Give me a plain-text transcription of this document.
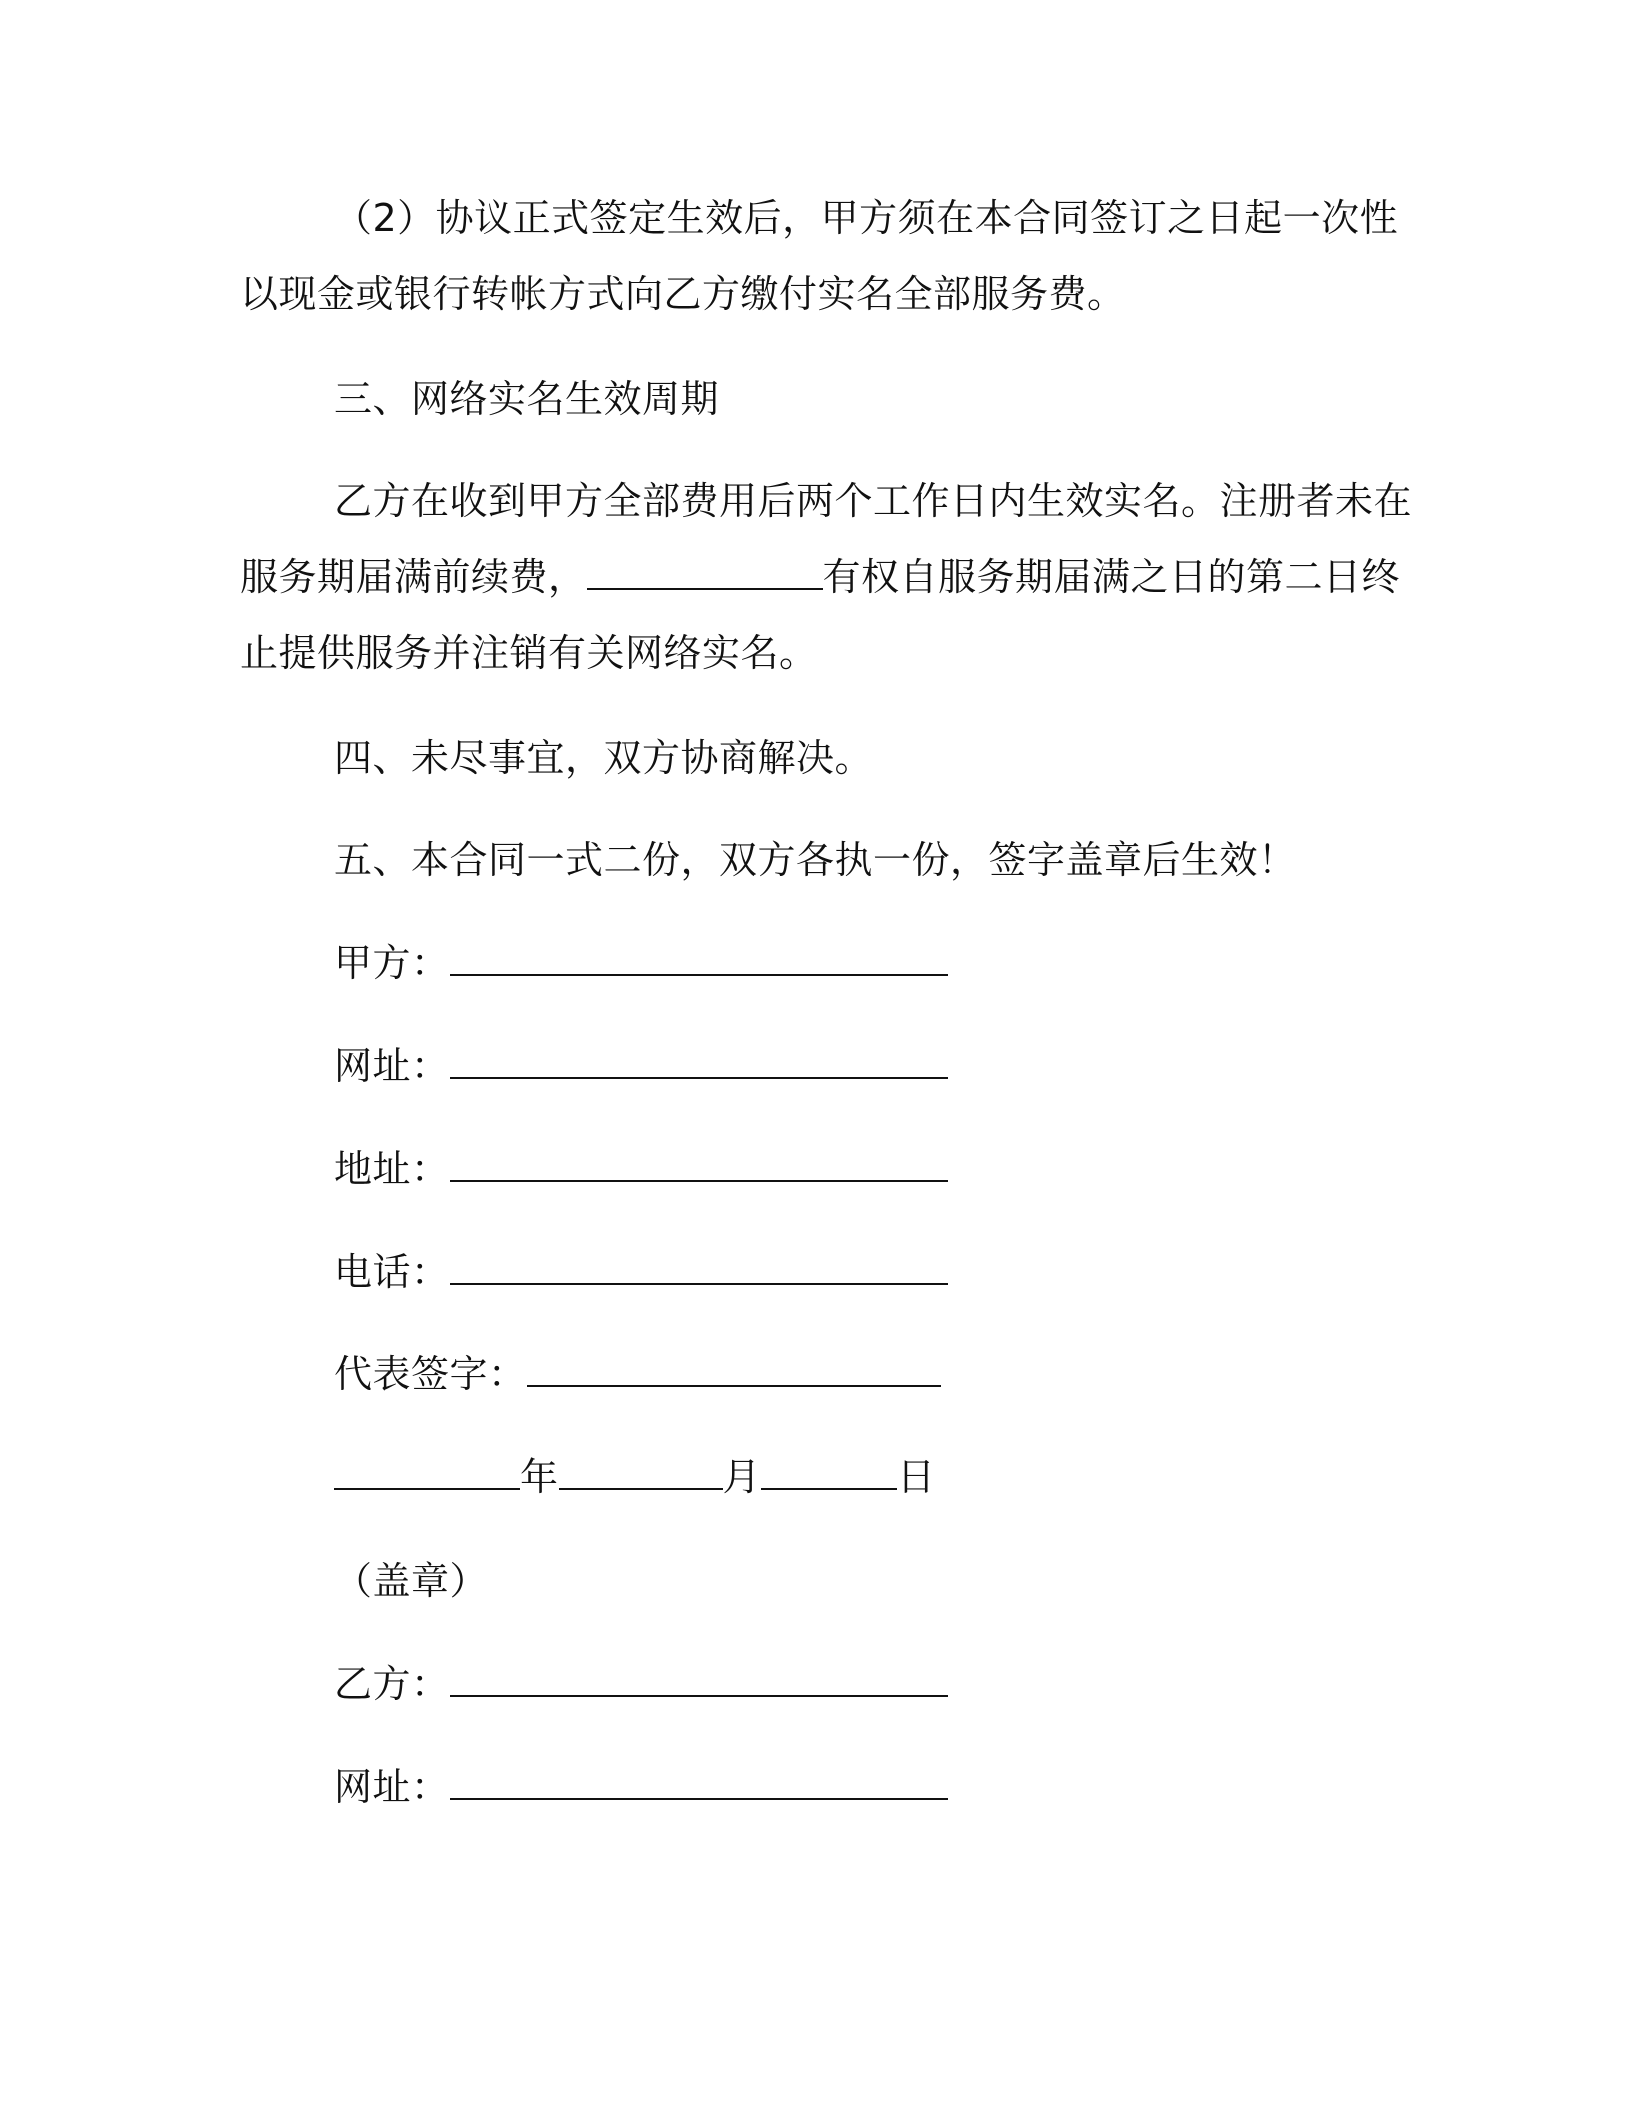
（2）协议正式签定生效后，甲方须在本合同签订之日起一次性
以现金或银行转帐方式向乙方缴付实名全部服务费。
三、网络实名生效周期
乙方在收到甲方全部费用后两个工作日内生效实名。注册者未在
服务期届满前续费，	有权自服务期届满之日的第二日终
止提供服务并注销有关网络实名。
四、未尽事宜，双方协商解决。
五、本合同一式二份，双方各执一份，签字盖章后生效！
甲方：
网址：
地址：
电话：
代表签字：
年	月	日
（盖章）
乙方：
网址：
